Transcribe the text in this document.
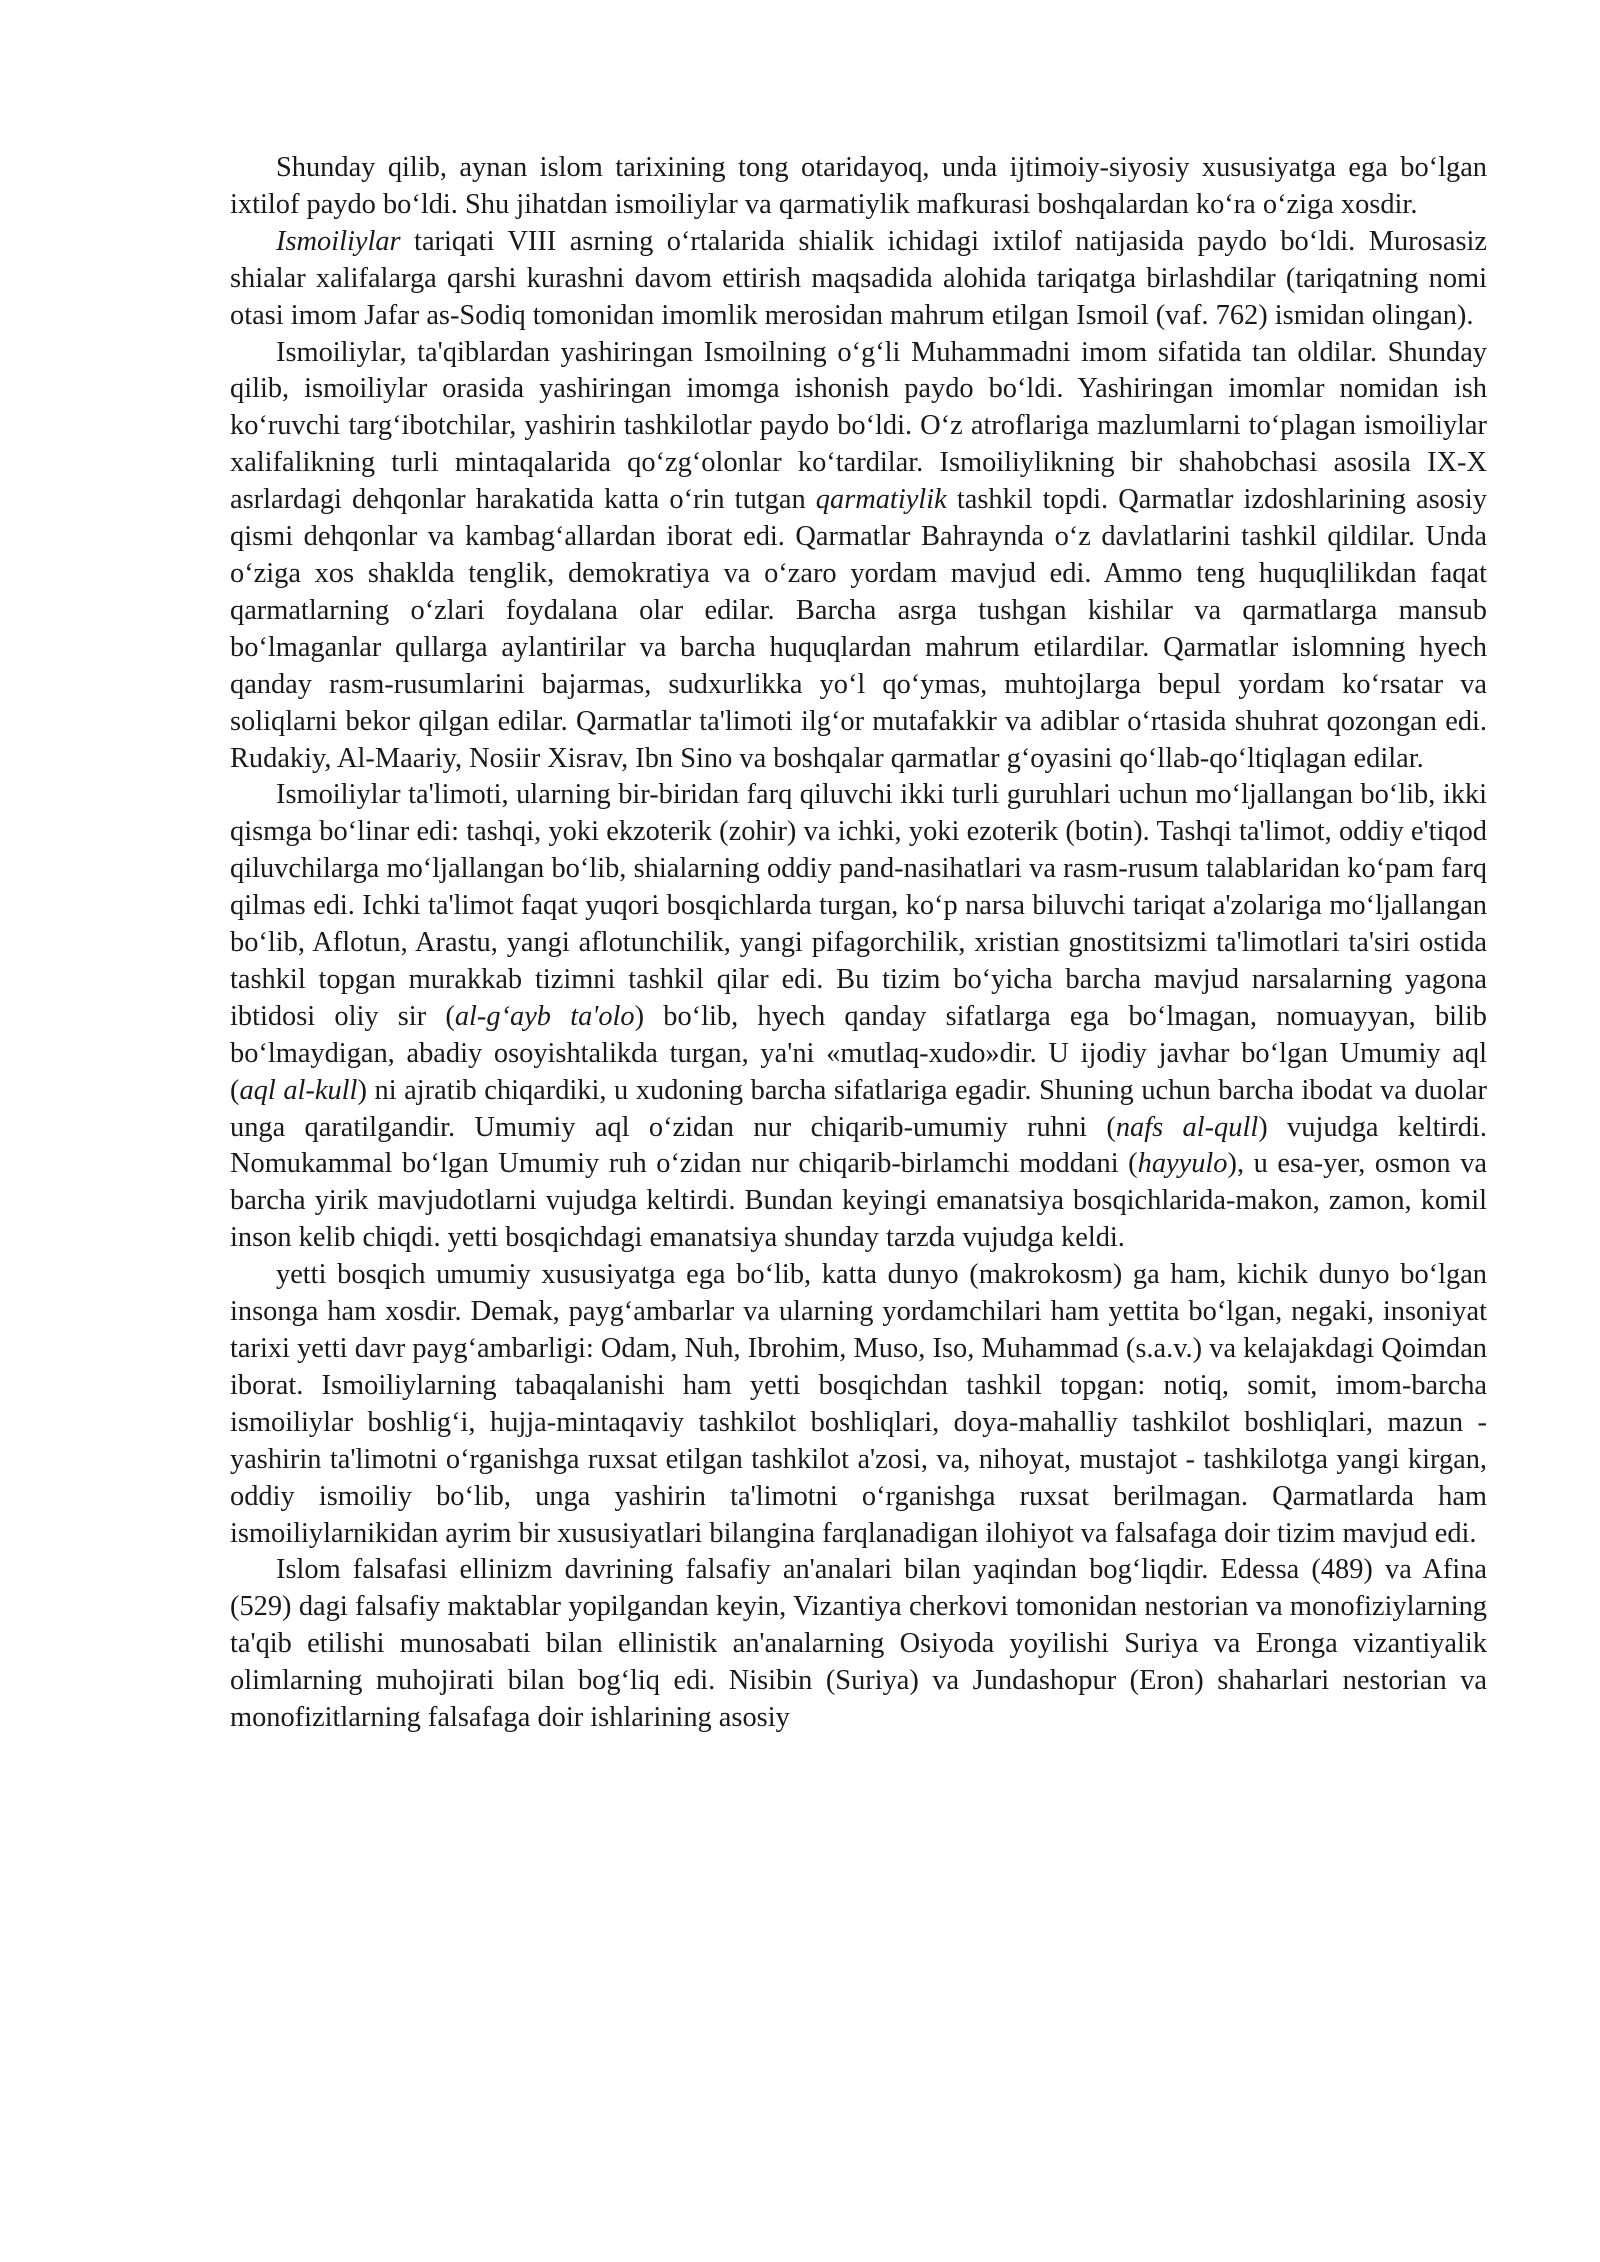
Shunday qilib, aynan islom tarixining tong otaridayoq, unda ijtimoiy-siyosiy xususiyatga ega bo‘lgan ixtilof paydo bo‘ldi. Shu jihatdan ismoiliylar va qarmatiylik mafkurasi boshqalardan ko‘ra o‘ziga xosdir.

Ismoiliylar tariqati VIII asrning o‘rtalarida shialik ichidagi ixtilof natijasida paydo bo‘ldi. Murosasiz shialar xalifalarga qarshi kurashni davom ettirish maqsadida alohida tariqatga birlashdilar (tariqatning nomi otasi imom Jafar as-Sodiq tomonidan imomlik merosidan mahrum etilgan Ismoil (vaf. 762) ismidan olingan).

Ismoiliylar, ta'qiblardan yashiringan Ismoilning o‘g‘li Muhammadni imom sifatida tan oldilar. Shunday qilib, ismoiliylar orasida yashiringan imomga ishonish paydo bo‘ldi. Yashiringan imomlar nomidan ish ko‘ruvchi targ‘ibotchilar, yashirin tashkilotlar paydo bo‘ldi. O‘z atroflariga mazlumlarni to‘plagan ismoiliylar xalifalikning turli mintaqalarida qo‘zg‘olonlar ko‘tardilar. Ismoiliylikning bir shahobchasi asosila IX-X asrlardagi dehqonlar harakatida katta o‘rin tutgan qarmatiylik tashkil topdi. Qarmatlar izdoshlarining asosiy qismi dehqonlar va kambag‘allardan iborat edi. Qarmatlar Bahraynda o‘z davlatlarini tashkil qildilar. Unda o‘ziga xos shaklda tenglik, demokratiya va o‘zaro yordam mavjud edi. Ammo teng huquqlilikdan faqat qarmatlarning o‘zlari foydalana olar edilar. Barcha asrga tushgan kishilar va qarmatlarga mansub bo‘lmaganlar qullarga aylantirilar va barcha huquqlardan mahrum etilardilar. Qarmatlar islomning hyech qanday rasm-rusumlarini bajarmas, sudxurlikka yo‘l qo‘ymas, muhtojlarga bepul yordam ko‘rsatar va soliqlarni bekor qilgan edilar. Qarmatlar ta'limoti ilg‘or mutafakkir va adiblar o‘rtasida shuhrat qozongan edi. Rudakiy, Al-Maariy, Nosiir Xisrav, Ibn Sino va boshqalar qarmatlar g‘oyasini qo‘llab-qo‘ltiqlagan edilar.

Ismoiliylar ta'limoti, ularning bir-biridan farq qiluvchi ikki turli guruhlari uchun mo‘ljallangan bo‘lib, ikki qismga bo‘linar edi: tashqi, yoki ekzoterik (zohir) va ichki, yoki ezoterik (botin). Tashqi ta'limot, oddiy e'tiqod qiluvchilarga mo‘ljallangan bo‘lib, shialarning oddiy pand-nasihatlari va rasm-rusum talablaridan ko‘pam farq qilmas edi. Ichki ta'limot faqat yuqori bosqichlarda turgan, ko‘p narsa biluvchi tariqat a'zolariga mo‘ljallangan bo‘lib, Aflotun, Arastu, yangi aflotunchilik, yangi pifagorchilik, xristian gnostitsizmi ta'limotlari ta'siri ostida tashkil topgan murakkab tizimni tashkil qilar edi. Bu tizim bo‘yicha barcha mavjud narsalarning yagona ibtidosi oliy sir (al-g‘ayb ta'olo) bo‘lib, hyech qanday sifatlarga ega bo‘lmagan, nomuayyan, bilib bo‘lmaydigan, abadiy osoyishtalikda turgan, ya'ni «mutlaq-xudo»dir. U ijodiy javhar bo‘lgan Umumiy aql (aql al-kull) ni ajratib chiqardiki, u xudoning barcha sifatlariga egadir. Shuning uchun barcha ibodat va duolar unga qaratilgandir. Umumiy aql o‘zidan nur chiqarib-umumiy ruhni (nafs al-qull) vujudga keltirdi. Nomukammal bo‘lgan Umumiy ruh o‘zidan nur chiqarib-birlamchi moddani (hayyulo), u esa-yer, osmon va barcha yirik mavjudotlarni vujudga keltirdi. Bundan keyingi emanatsiya bosqichlarida-makon, zamon, komil inson kelib chiqdi. yetti bosqichdagi emanatsiya shunday tarzda vujudga keldi.

yetti bosqich umumiy xususiyatga ega bo‘lib, katta dunyo (makrokosm) ga ham, kichik dunyo bo‘lgan insonga ham xosdir. Demak, payg‘ambarlar va ularning yordamchilari ham yettita bo‘lgan, negaki, insoniyat tarixi yetti davr payg‘ambarligi: Odam, Nuh, Ibrohim, Muso, Iso, Muhammad (s.a.v.) va kelajakdagi Qoimdan iborat. Ismoiliylarning tabaqalanishi ham yetti bosqichdan tashkil topgan: notiq, somit, imom-barcha ismoiliylar boshlig‘i, hujja-mintaqaviy tashkilot boshliqlari, doya-mahalliy tashkilot boshliqlari, mazun - yashirin ta'limotni o‘rganishga ruxsat etilgan tashkilot a'zosi, va, nihoyat, mustajot - tashkilotga yangi kirgan, oddiy ismoiliy bo‘lib, unga yashirin ta'limotni o‘rganishga ruxsat berilmagan. Qarmatlarda ham ismoiliylarnikidan ayrim bir xususiyatlari bilangina farqlanadigan ilohiyot va falsafaga doir tizim mavjud edi.

Islom falsafasi ellinizm davrining falsafiy an'analari bilan yaqindan bog‘liqdir. Edessa (489) va Afina (529) dagi falsafiy maktablar yopilgandan keyin, Vizantiya cherkovi tomonidan nestorian va monofiziylarning ta'qib etilishi munosabati bilan ellinistik an'analarning Osiyoda yoyilishi Suriya va Eronga vizantiyalik olimlarning muhojirati bilan bog‘liq edi. Nisibin (Suriya) va Jundashopur (Eron) shaharlari nestorian va monofizitlarning falsafaga doir ishlarining asosiy
